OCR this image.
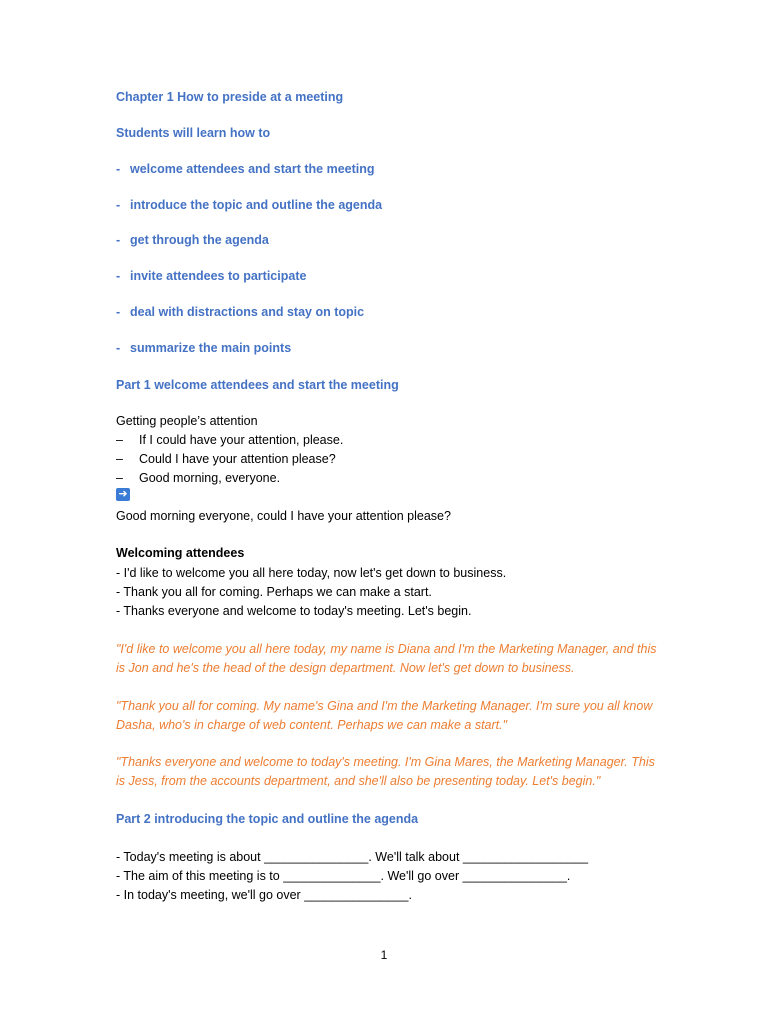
Chapter 1 How to preside at a meeting
Students will learn how to
- welcome attendees and start the meeting
- introduce the topic and outline the agenda
- get through the agenda
- invite attendees to participate
- deal with distractions and stay on topic
- summarize the main points
Part 1 welcome attendees and start the meeting
Getting people’s attention
– If I could have your attention, please.
– Could I have your attention please?
– Good morning, everyone.
➜
Good morning everyone, could I have your attention please?
Welcoming attendees
- I'd like to welcome you all here today, now let's get down to business.
- Thank you all for coming. Perhaps we can make a start.
- Thanks everyone and welcome to today's meeting. Let's begin.
"I'd like to welcome you all here today, my name is Diana and I'm the Marketing Manager, and this
is Jon and he's the head of the design department. Now let's get down to business.
"Thank you all for coming. My name's Gina and I'm the Marketing Manager. I'm sure you all know
Dasha, who's in charge of web content. Perhaps we can make a start."
"Thanks everyone and welcome to today's meeting. I'm Gina Mares, the Marketing Manager. This
is Jess, from the accounts department, and she'll also be presenting today. Let's begin."
Part 2 introducing the topic and outline the agenda
- Today's meeting is about _______________. We'll talk about __________________
- The aim of this meeting is to ______________. We'll go over _______________.
- In today's meeting, we'll go over _______________.
1
